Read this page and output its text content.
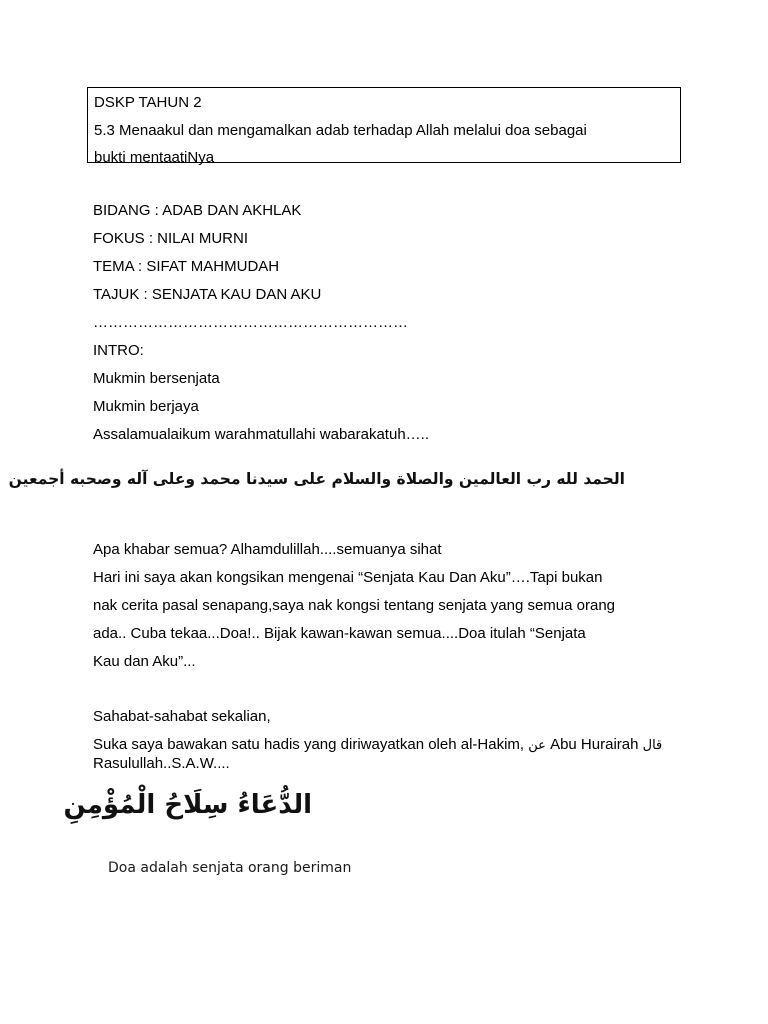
DSKP TAHUN 2
5.3 Menaakul dan mengamalkan adab terhadap Allah melalui doa sebagai
bukti mentaatiNya
BIDANG : ADAB DAN AKHLAK
FOKUS : NILAI MURNI
TEMA : SIFAT MAHMUDAH
TAJUK : SENJATA KAU DAN AKU
………………………………………………………
INTRO:
Mukmin bersenjata
Mukmin berjaya
Assalamualaikum warahmatullahi wabarakatuh…..
الحمد لله رب العالمين والصلاة والسلام على سيدنا محمد وعلى آله وصحبه أجمعين
Apa khabar semua? Alhamdulillah....semuanya sihat
Hari ini saya akan kongsikan mengenai “Senjata Kau Dan Aku”….Tapi bukan
nak cerita pasal senapang,saya nak kongsi tentang senjata yang semua orang
ada.. Cuba tekaa...Doa!.. Bijak kawan-kawan semua....Doa itulah “Senjata
Kau dan Aku”...
Sahabat-sahabat sekalian,
Suka saya bawakan satu hadis yang diriwayatkan oleh al-Hakim, عن Abu Hurairah قال
Rasulullah..S.A.W....
الدُّعَاءُ سِلَاحُ الْمُؤْمِنِ
Doa adalah senjata orang beriman
